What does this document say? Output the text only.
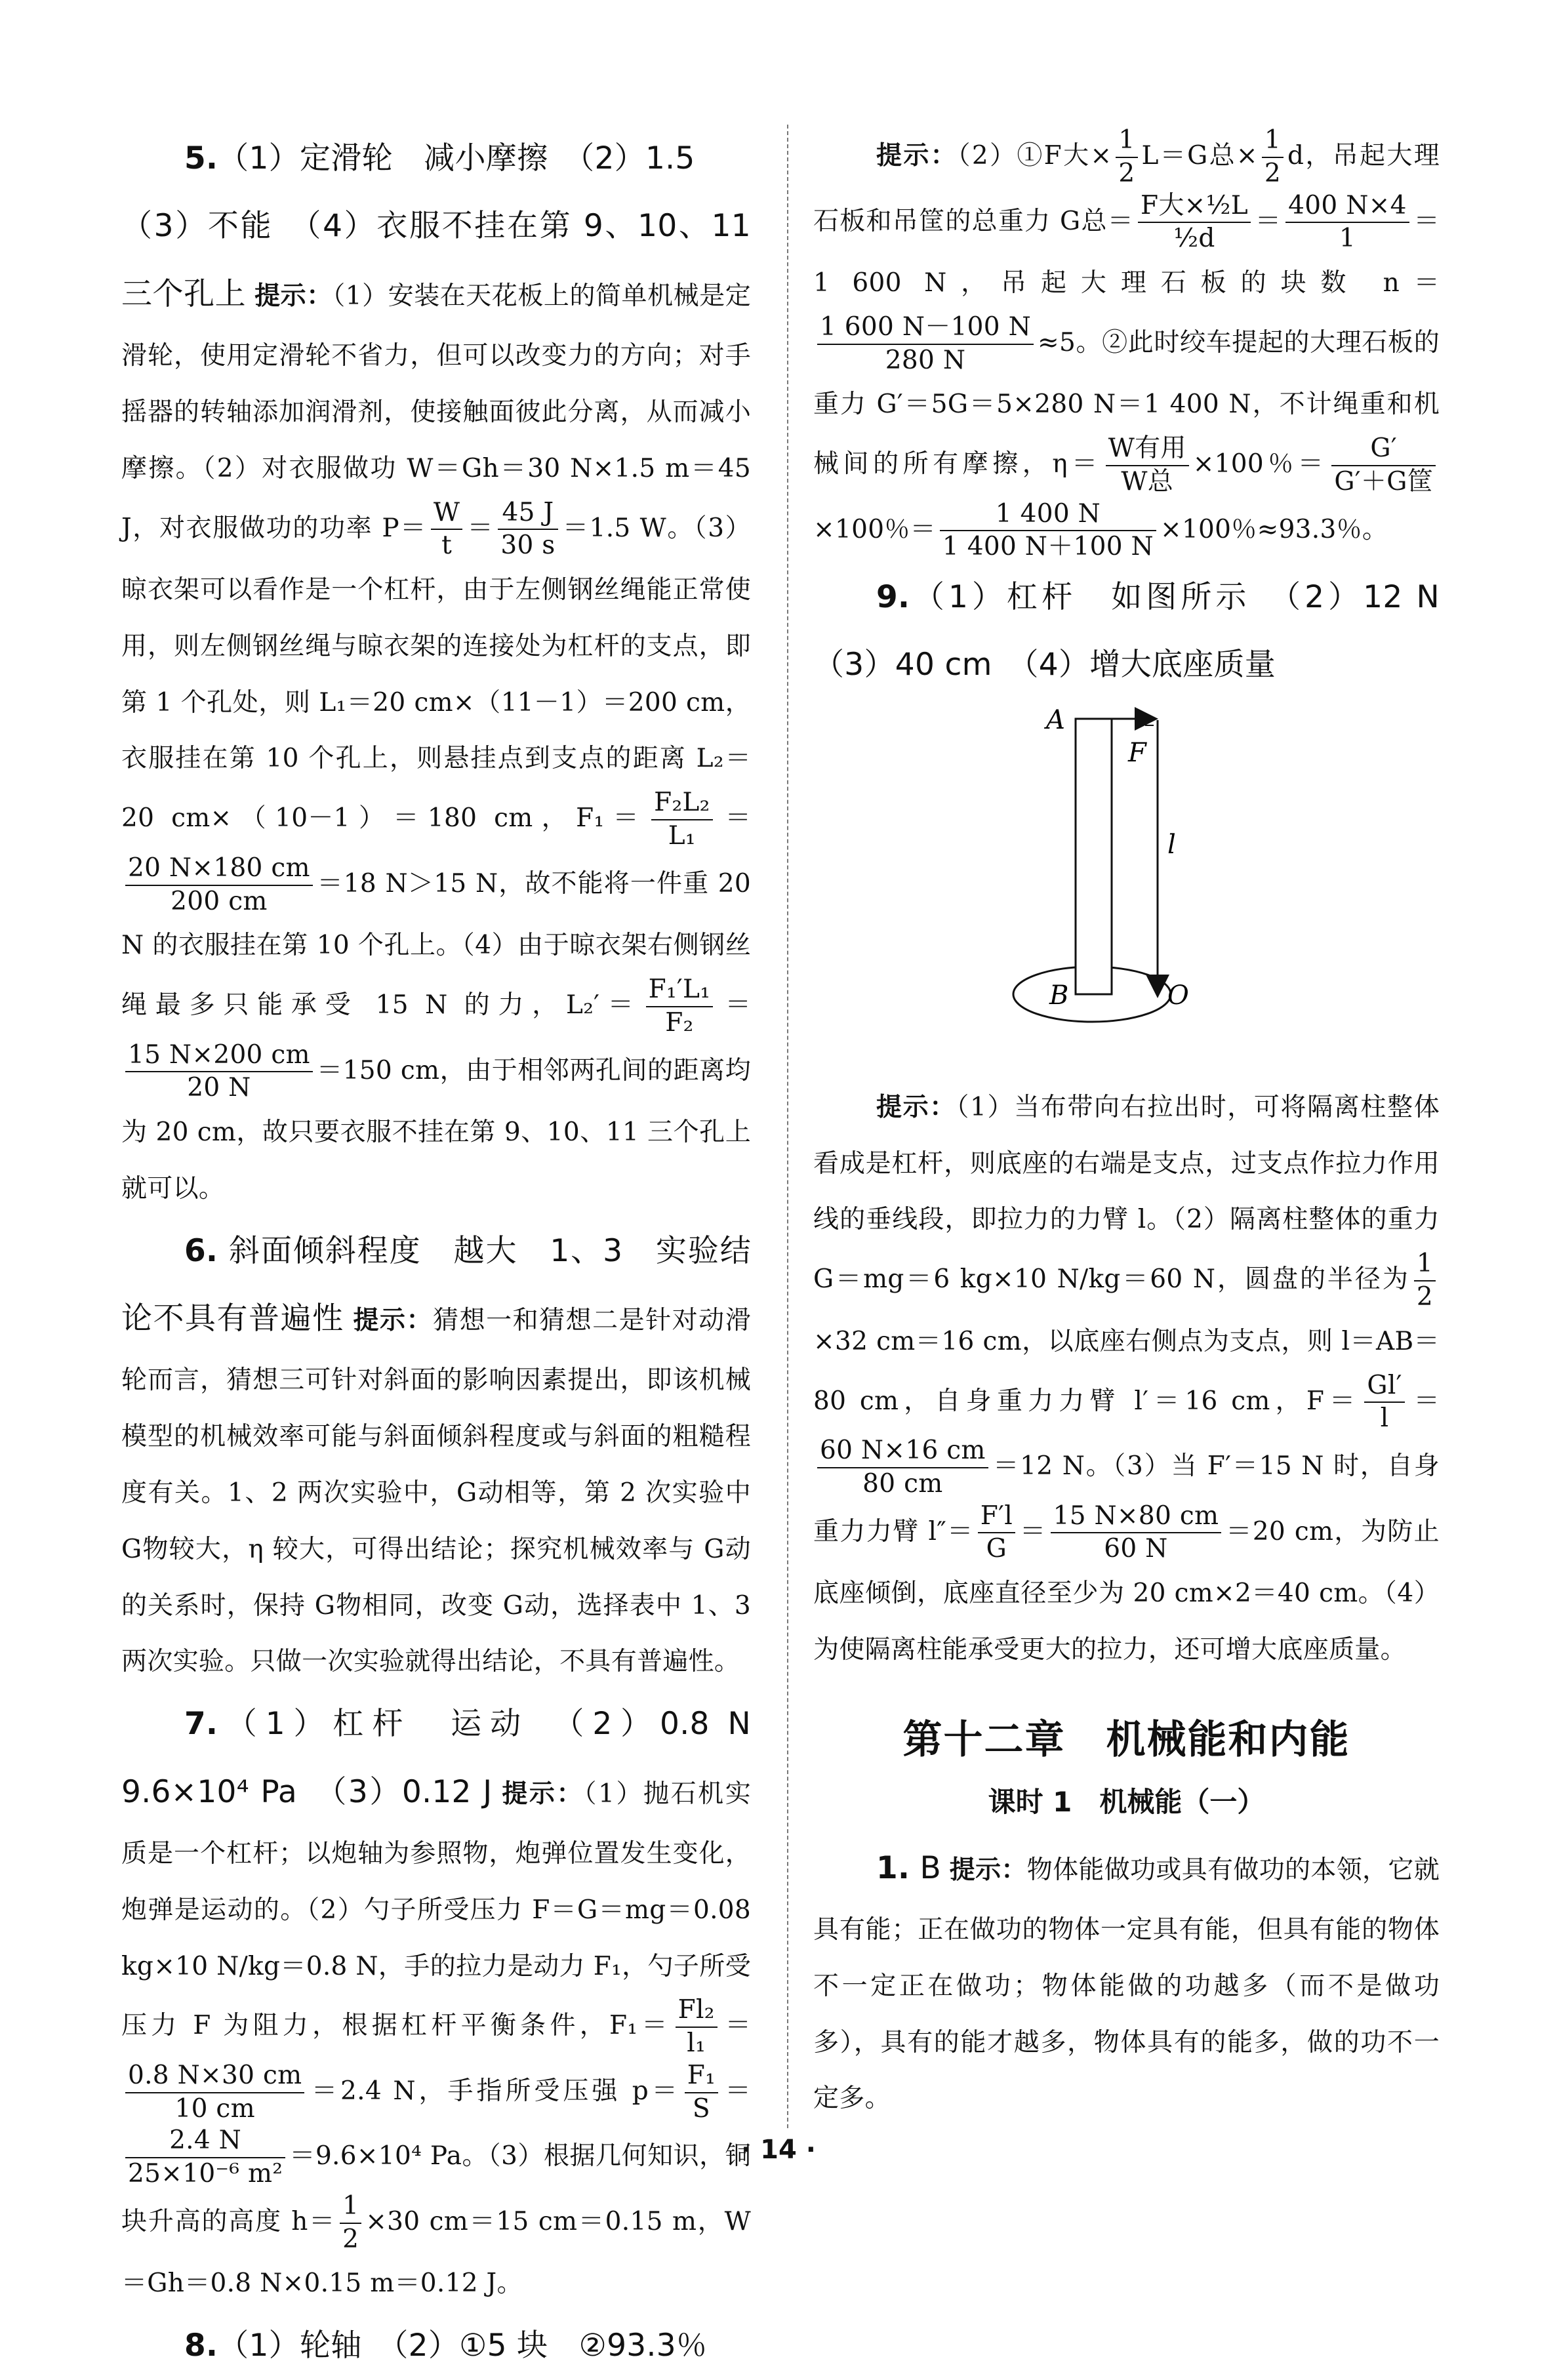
5.（1）定滑轮　减小摩擦　（2）1.5
（3）不能　（4）衣服不挂在第 9、10、11 三个孔上 提示：（1）安装在天花板上的简单机械是定滑轮，使用定滑轮不省力，但可以改变力的方向；对手摇器的转轴添加润滑剂，使接触面彼此分离，从而减小摩擦。（2）对衣服做功 W＝Gh＝30 N×1.5 m＝45 J，对衣服做功的功率 $P= \frac{W}{t} = \frac{45 J}{30 s} =1.5$ W。（3）晾衣架可以看作是一个杠杆，由于左侧钢丝绳能正常使用，则左侧钢丝绳与晾衣架的连接处为杠杆的支点，即第 1 个孔处，则 L₁＝20 cm×（11－1）＝200 cm，衣服挂在第 10 个孔上，则悬挂点到支点的距离 L₂＝20 cm×（10－1）＝180 cm，$F_1= \frac{\text{F₂L₂}}{\text{L₁}}$ ＝
$\frac{20 N\times 180 cm}{200 cm} =18$ N＞15 N，故不能将一件重 20 N 的衣服挂在第 10 个孔上。（4）由于晾衣架右侧钢丝绳最多只能承受 15 N 的力，$L_2'= \frac{\text{F₁′L₁}}{\text{F₂}}$ ＝
$\frac{15 N\times 200 cm}{20 N} =150$ cm，由于相邻两孔间的距离均为 20 cm，故只要衣服不挂在第 9、10、11 三个孔上就可以。

6. 斜面倾斜程度　越大　1、3　实验结论不具有普遍性 提示：猜想一和猜想二是针对动滑轮而言，猜想三可针对斜面的影响因素提出，即该机械模型的机械效率可能与斜面倾斜程度或与斜面的粗糙程度有关。1、2 两次实验中，G动相等，第 2 次实验中 G物较大，η 较大，可得出结论；探究机械效率与 G动的关系时，保持 G物相同，改变 G动，选择表中 1、3 两次实验。只做一次实验就得出结论，不具有普遍性。

7.（1）杠杆　运动　（2）0.8 N　9.6×10⁴ Pa　（3）0.12 J 提示：（1）抛石机实质是一个杠杆；以炮轴为参照物，炮弹位置发生变化，炮弹是运动的。（2）勺子所受压力 F＝G＝mg＝0.08 kg×10 N/kg＝0.8 N，手的拉力是动力 F₁，勺子所受压力 F 为阻力，根据杠杆平衡条件，$F_1= \frac{\text{Fl₂}}{\text{l₁}}$ ＝
$\frac{0.8 N\times 30 cm}{10 cm} =2.4$ N，手指所受压强 $p= \frac{\text{F₁}}{S}$ ＝
$\frac{2.4 N}{\text{25×10⁻⁶ m²}} =9.6\times 10^4$ Pa。（3）根据几何知识，铜块升高的高度 $h= \frac{1}{2} \times 30$ cm＝15 cm＝0.15 m，W＝Gh＝0.8 N×0.15 m＝0.12 J。

8.（1）轮轴　（2）①5 块　②93.3％

提示：（2）①F大× $\frac{1}{2} L=G$总× $\frac{1}{2}$ d，吊起大理石板和吊筐的总重力 G总＝ $\frac{\text{F大×½L}}{\text{½d}} = \frac{400 N\times 4}{1} =1$ 600 N，吊起大理石板的块数 n＝
$\frac{1 600 N-100 N}{280 N} \approx 5$。②此时绞车提起的大理石板的重力 G′＝5G＝5×280 N＝1 400 N，不计绳重和机械间的所有摩擦，$\eta= \frac{\text{W有用}}{\text{W总}} \times 100$％＝ $\frac{G'}{\text{G′＋G筐}}$
×100％＝ $\frac{1 400 N}{1 400 N+100 N} \times 100$％≈93.3％。

9.（1）杠杆　如图所示　（2）12 N　（3）40 cm　（4）增大底座质量

A
F
l
B	O

提示：（1）当布带向右拉出时，可将隔离柱整体看成是杠杆，则底座的右端是支点，过支点作拉力作用线的垂线段，即拉力的力臂 l。（2）隔离柱整体的重力 G＝mg＝6 kg×10 N/kg＝60 N，圆盘的半径为 $\frac{1}{2}$
×32 cm＝16 cm，以底座右侧点为支点，则 l＝AB＝80 cm，自身重力力臂 l′＝16 cm，$F= \frac{Gl'}{l}$ ＝
$\frac{60 N\times 16 cm}{80 cm} =12$ N。（3）当 F′＝15 N 时，自身重力力臂 $l''= \frac{F'l}{G} = \frac{15 N\times 80 cm}{60 N} =20$ cm，为防止底座倾倒，底座直径至少为 20 cm×2＝40 cm。（4）为使隔离柱能承受更大的拉力，还可增大底座质量。

第十二章　机械能和内能
课时 1　机械能（一）

1. B 提示：物体能做功或具有做功的本领，它就具有能；正在做功的物体一定具有能，但具有能的物体不一定正在做功；物体能做的功越多（而不是做功多），具有的能才越多，物体具有的能多，做的功不一定多。

· 14 ·
